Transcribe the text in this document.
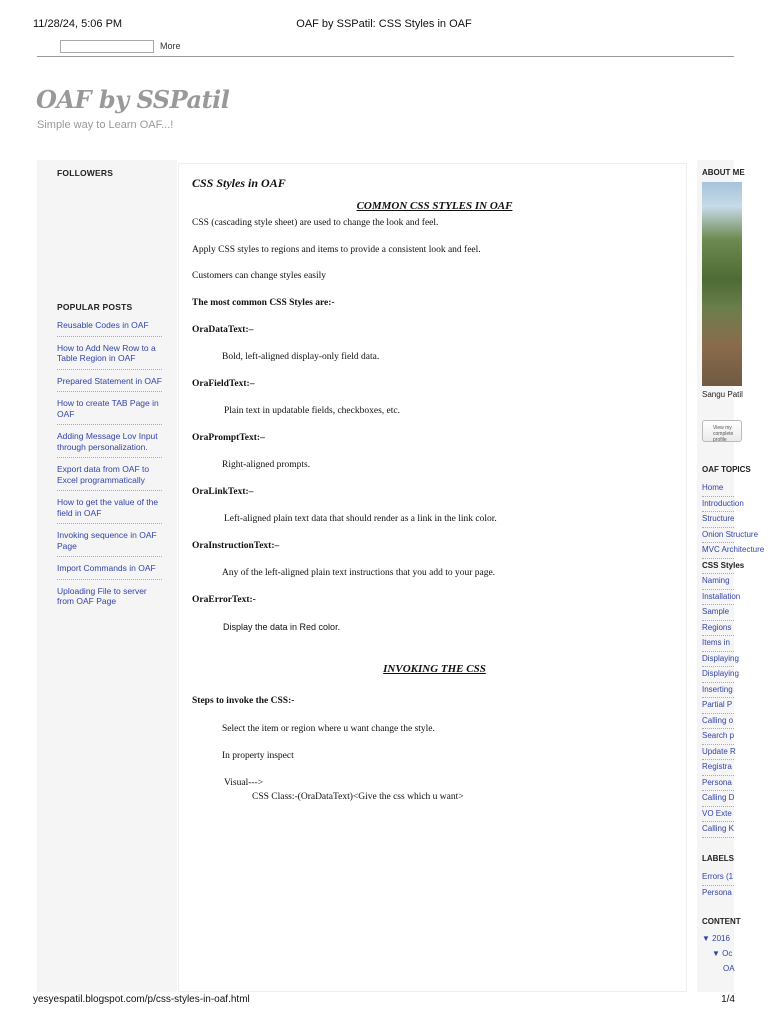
11/28/24, 5:06 PM	OAF by SSPatil: CSS Styles in OAF
More
OAF by SSPatil
Simple way to Learn OAF...!
FOLLOWERS
POPULAR POSTS
Reusable Codes in OAF
How to Add New Row to a Table Region in OAF
Prepared Statement in OAF
How to create TAB Page in OAF
Adding Message Lov Input through personalization.
Export data from OAF to Excel programmatically
How to get the value of the field in OAF
Invoking sequence in OAF Page
Import Commands in OAF
Uploading File to server from OAF Page
CSS Styles in OAF
COMMON CSS STYLES IN OAF
CSS (cascading style sheet) are used to change the look and feel.
Apply CSS styles to regions and items to provide a consistent look and feel.
Customers can change styles easily
The most common CSS Styles are:-
OraDataText:–
Bold, left-aligned display-only field data.
OraFieldText:–
Plain text in updatable fields, checkboxes, etc.
OraPromptText:–
Right-aligned prompts.
OraLinkText:–
Left-aligned plain text data that should render as a link in the link color.
OraInstructionText:–
Any of the left-aligned plain text instructions that you add to your page.
OraErrorText:-
Display the data in Red color.
INVOKING THE CSS
Steps to invoke the CSS:-
Select the item or region where u want change the style.
In property inspect
Visual--->
CSS Class:-(OraDataText)<Give the css which u want>
ABOUT ME
Sangu Patil
View my complete profile
OAF TOPICS
Home
Introduction
Structure
Onion Structure
MVC Architecture
CSS Styles
Naming
Installation
Sample
Regions
Items in
Displaying
Displaying
Inserting
Partial P
Calling o
Search p
Update R
Registra
Persona
Calling D
VO Exte
Calling K
LABELS
Errors (1
Persona
CONTENT
▼ 2016
▼ Oc
OA
yesyespatil.blogspot.com/p/css-styles-in-oaf.html	1/4
